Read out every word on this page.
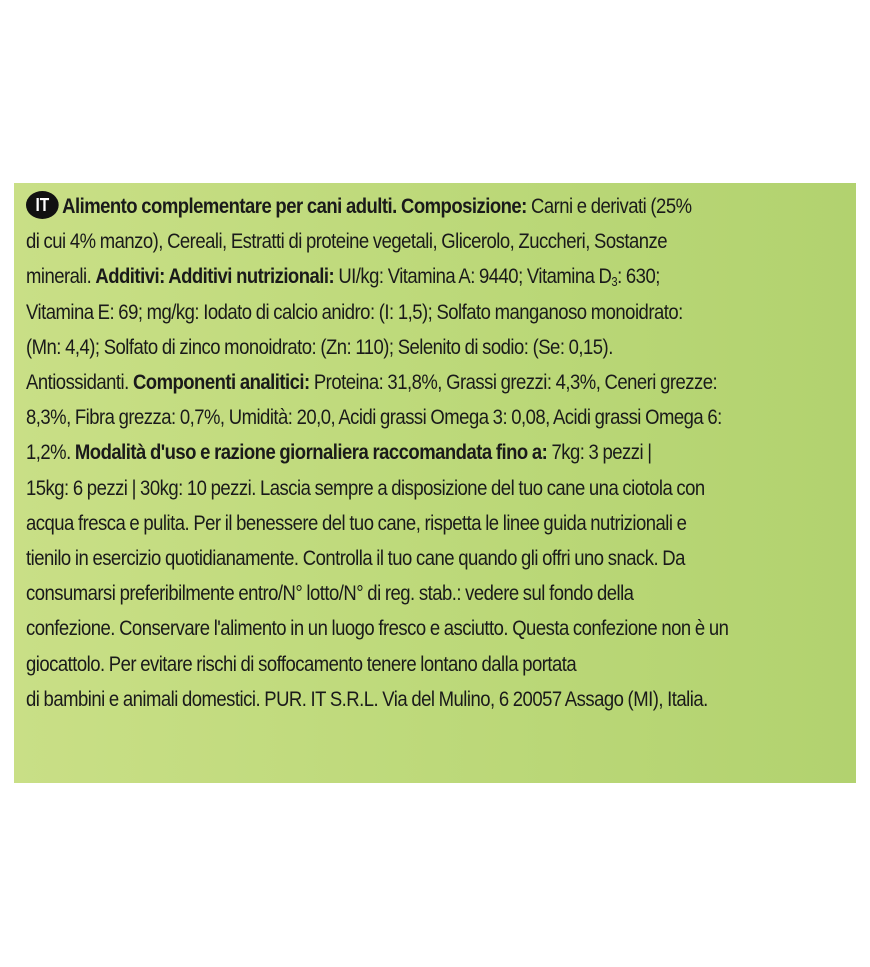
IT Alimento complementare per cani adulti. Composizione: Carni e derivati (25%
di cui 4% manzo), Cereali, Estratti di proteine vegetali, Glicerolo, Zuccheri, Sostanze
minerali. Additivi: Additivi nutrizionali: UI/kg: Vitamina A: 9440; Vitamina $D_3$: 630;
Vitamina E: 69; mg/kg: Iodato di calcio anidro: (I: 1,5); Solfato manganoso monoidrato:
(Mn: 4,4); Solfato di zinco monoidrato: (Zn: 110); Selenito di sodio: (Se: 0,15).
Antiossidanti. Componenti analitici: Proteina: 31,8%, Grassi grezzi: 4,3%, Ceneri grezze:
8,3%, Fibra grezza: 0,7%, Umidità: 20,0, Acidi grassi Omega 3: 0,08, Acidi grassi Omega 6:
1,2%. Modalità d'uso e razione giornaliera raccomandata fino a: 7kg: 3 pezzi |
15kg: 6 pezzi | 30kg: 10 pezzi. Lascia sempre a disposizione del tuo cane una ciotola con
acqua fresca e pulita. Per il benessere del tuo cane, rispetta le linee guida nutrizionali e
tienilo in esercizio quotidianamente. Controlla il tuo cane quando gli offri uno snack. Da
consumarsi preferibilmente entro/N° lotto/N° di reg. stab.: vedere sul fondo della
confezione. Conservare l'alimento in un luogo fresco e asciutto. Questa confezione non è un
giocattolo. Per evitare rischi di soffocamento tenere lontano dalla portata
di bambini e animali domestici. PUR. IT S.R.L. Via del Mulino, 6 20057 Assago (MI), Italia.
